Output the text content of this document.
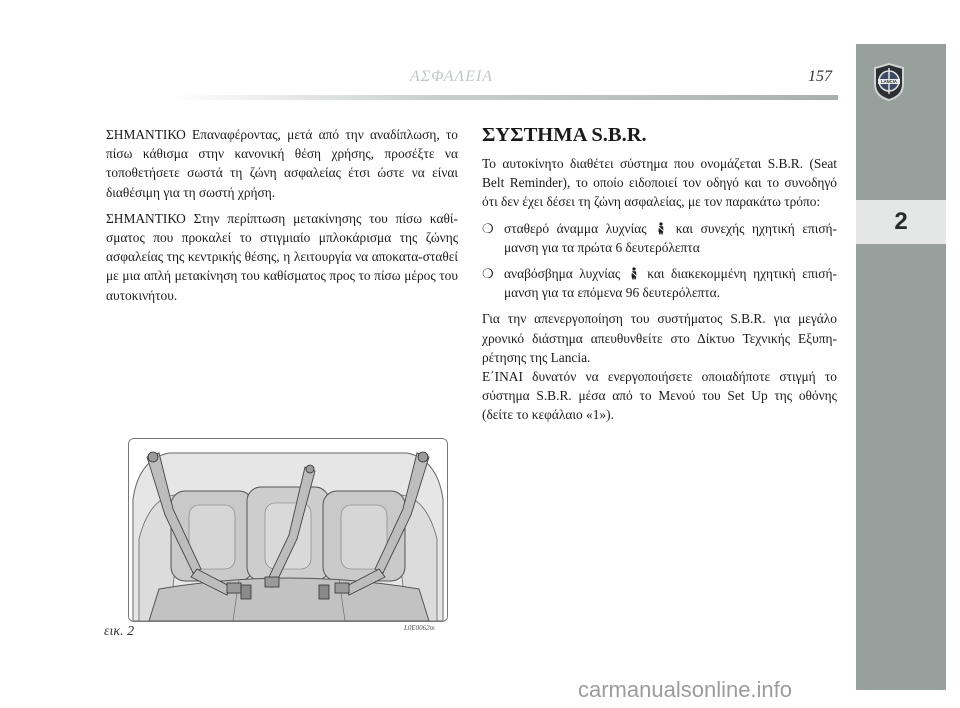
LANCIA
2
ΑΣΦΑΛΕΙΑ	157

ΣΗΜΑΝΤΙΚΟ Επαναφέροντας, μετά από την αναδίπλωση, το πίσω κάθισμα στην κανονική θέση χρήσης, προσέξτε να τοποθετήσετε σωστά τη ζώνη ασφαλείας έτσι ώστε να είναι διαθέσιμη για τη σωστή χρήση.

ΣΗΜΑΝΤΙΚΟ Στην περίπτωση μετακίνησης του πίσω καθί-σματος που προκαλεί το στιγμιαίο μπλοκάρισμα της ζώνης ασφαλείας της κεντρικής θέσης, η λειτουργία να αποκατα-σταθεί με μια απλή μετακίνηση του καθίσματος προς το πίσω μέρος του αυτοκινήτου.

ΣΥΣΤΗΜΑ S.B.R.

Το αυτοκίνητο διαθέτει σύστημα που ονομάζεται S.B.R. (Seat Belt Reminder), το οποίο ειδοποιεί τον οδηγό και το συνοδηγό ότι δεν έχει δέσει τη ζώνη ασφαλείας, με τον παρακάτω τρόπο:

❍ σταθερό άναμμα λυχνίας και συνεχής ηχητική επισή-μανση για τα πρώτα 6 δευτερόλεπτα
❍ αναβόσβημα λυχνίας και διακεκομμένη ηχητική επισή-μανση για τα επόμενα 96 δευτερόλεπτα.

Για την απενεργοποίηση του συστήματος S.B.R. για μεγάλο χρονικό διάστημα απευθυνθείτε στο Δίκτυο Τεχνικής Εξυπη-ρέτησης της Lancia.

Ε΄ΙΝΑΙ δυνατόν να ενεργοποιήσετε οποιαδήποτε στιγμή το σύστημα S.B.R. μέσα από το Μενού του Set Up της οθόνης (δείτε το κεφάλαιο «1»).

εικ. 2	L0E0062m
carmanualsonline.info
